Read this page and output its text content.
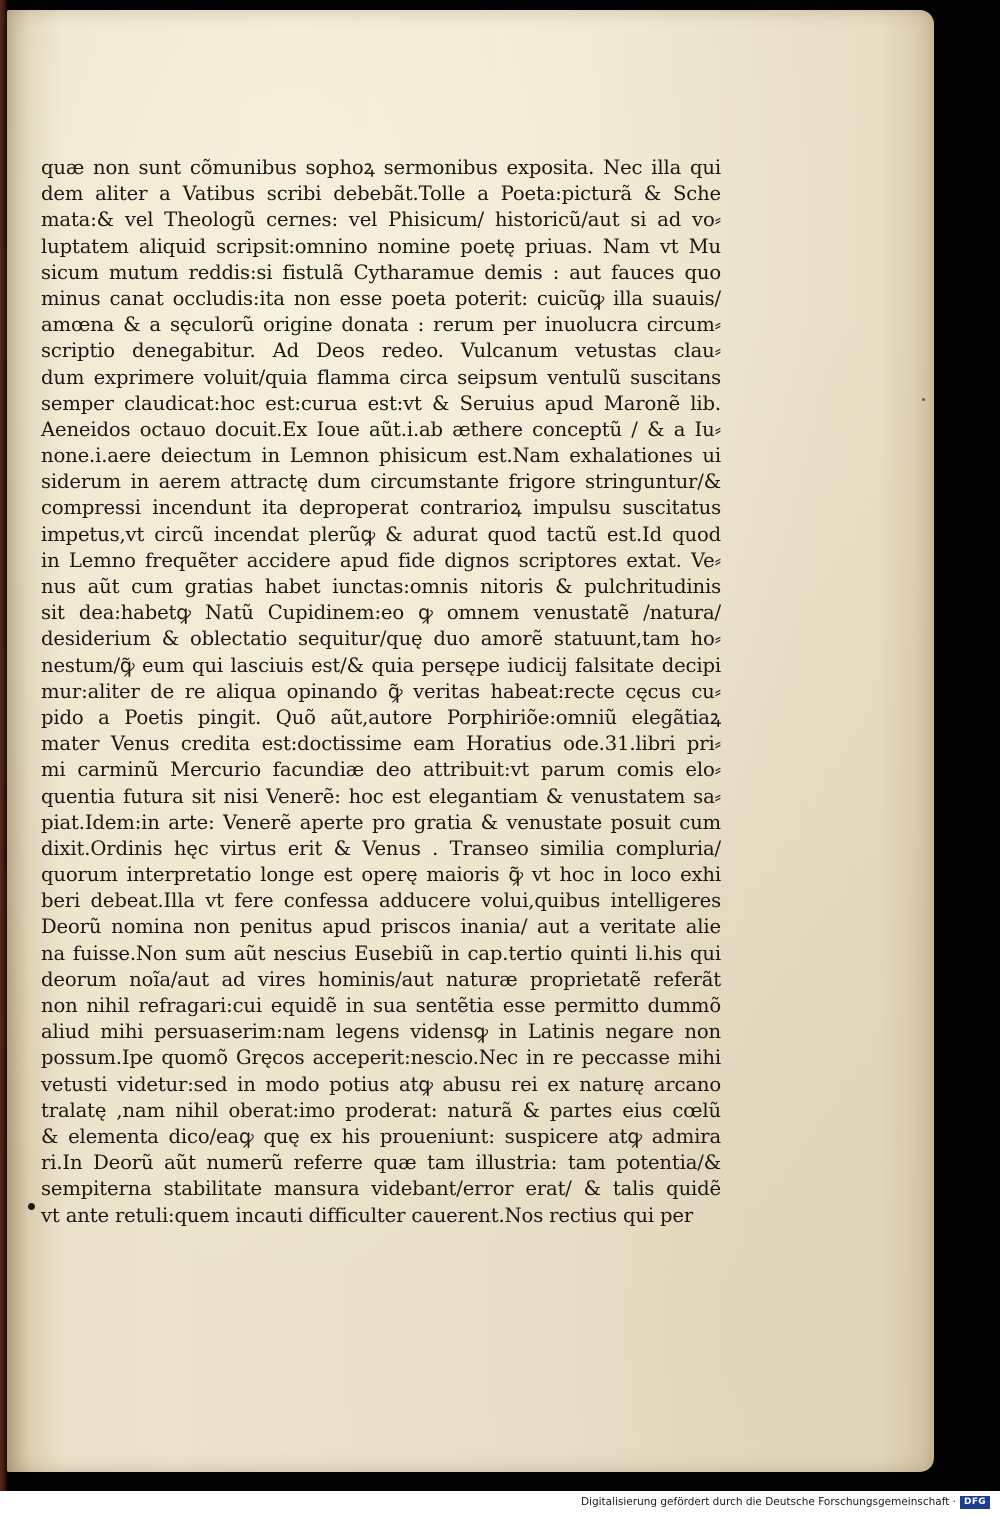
quæ non sunt cõmunibus sophoꝝ sermonibus exposita. Nec illa qui
dem aliter a Vatibus scribi debebãt.Tolle a Poeta:picturã & Sche
mata:& vel Theologũ cernes: vel Phisicum/ historicũ/aut si ad vo⸗
luptatem aliquid scripsit:omnino nomine poetę priuas. Nam vt Mu
sicum mutum reddis:si fistulã Cytharamue demis : aut fauces quo
minus canat occludis:ita non esse poeta poterit: cuicũꝙ illa suauis/
amœna & a sęculorũ origine donata : rerum per inuolucra circum⸗
scriptio denegabitur. Ad Deos redeo. Vulcanum vetustas clau⸗
dum exprimere voluit/quia flamma circa seipsum ventulũ suscitans
semper claudicat:hoc est:curua est:vt & Seruius apud Maronẽ lib.
Aeneidos octauo docuit.Ex Ioue aũt.i.ab æthere conceptũ / & a Iu⸗
none.i.aere deiectum in Lemnon phisicum est.Nam exhalationes ui
siderum in aerem attractę dum circumstante frigore stringuntur/&
compressi incendunt ita deproperat contrarioꝝ impulsu suscitatus
impetus,vt circũ incendat plerũꝙ & adurat quod tactũ est.Id quod
in Lemno frequẽter accidere apud fide dignos scriptores extat. Ve⸗
nus aũt cum gratias habet iunctas:omnis nitoris & pulchritudinis
sit dea:habetꝙ Natũ Cupidinem:eo ꝙ omnem venustatẽ /natura/
desiderium & oblectatio sequitur/quę duo amorẽ statuunt,tam ho⸗
nestum/ꝙ̃ eum qui lasciuis est/& quia persępe iudicij falsitate decipi
mur:aliter de re aliqua opinando ꝙ̃ veritas habeat:recte cęcus cu⸗
pido a Poetis pingit. Quõ aũt,autore Porphiriõe:omniũ elegãtiaꝝ
mater Venus credita est:doctissime eam Horatius ode.31.libri pri⸗
mi carminũ Mercurio facundiæ deo attribuit:vt parum comis elo⸗
quentia futura sit nisi Venerẽ: hoc est elegantiam & venustatem sa⸗
piat.Idem:in arte: Venerẽ aperte pro gratia & venustate posuit cum
dixit.Ordinis hęc virtus erit & Venus . Transeo similia compluria/
quorum interpretatio longe est operę maioris ꝙ̃ vt hoc in loco exhi
beri debeat.Illa vt fere confessa adducere volui,quibus intelligeres
Deorũ nomina non penitus apud priscos inania/ aut a veritate alie
na fuisse.Non sum aũt nescius Eusebiũ in cap.tertio quinti li.his qui
deorum noĩa/aut ad vires hominis/aut naturæ proprietatẽ referãt
non nihil refragari:cui equidẽ in sua sentẽtia esse permitto dummõ
aliud mihi persuaserim:nam legens vidensꝙ in Latinis negare non
possum.Ipe quomõ Gręcos acceperit:nescio.Nec in re peccasse mihi
vetusti videtur:sed in modo potius atꝙ abusu rei ex naturę arcano
tralatę ,nam nihil oberat:imo proderat: naturã & partes eius cœlũ
& elementa dico/eaꝙ quę ex his proueniunt: suspicere atꝙ admira
ri.In Deorũ aũt numerũ referre quæ tam illustria: tam potentia/&
sempiterna stabilitate mansura videbant/error erat/ & talis quidẽ
vt ante retuli:quem incauti difficulter cauerent.Nos rectius qui per
Digitalisierung gefördert durch die Deutsche Forschungsgemeinschaft · DFG
